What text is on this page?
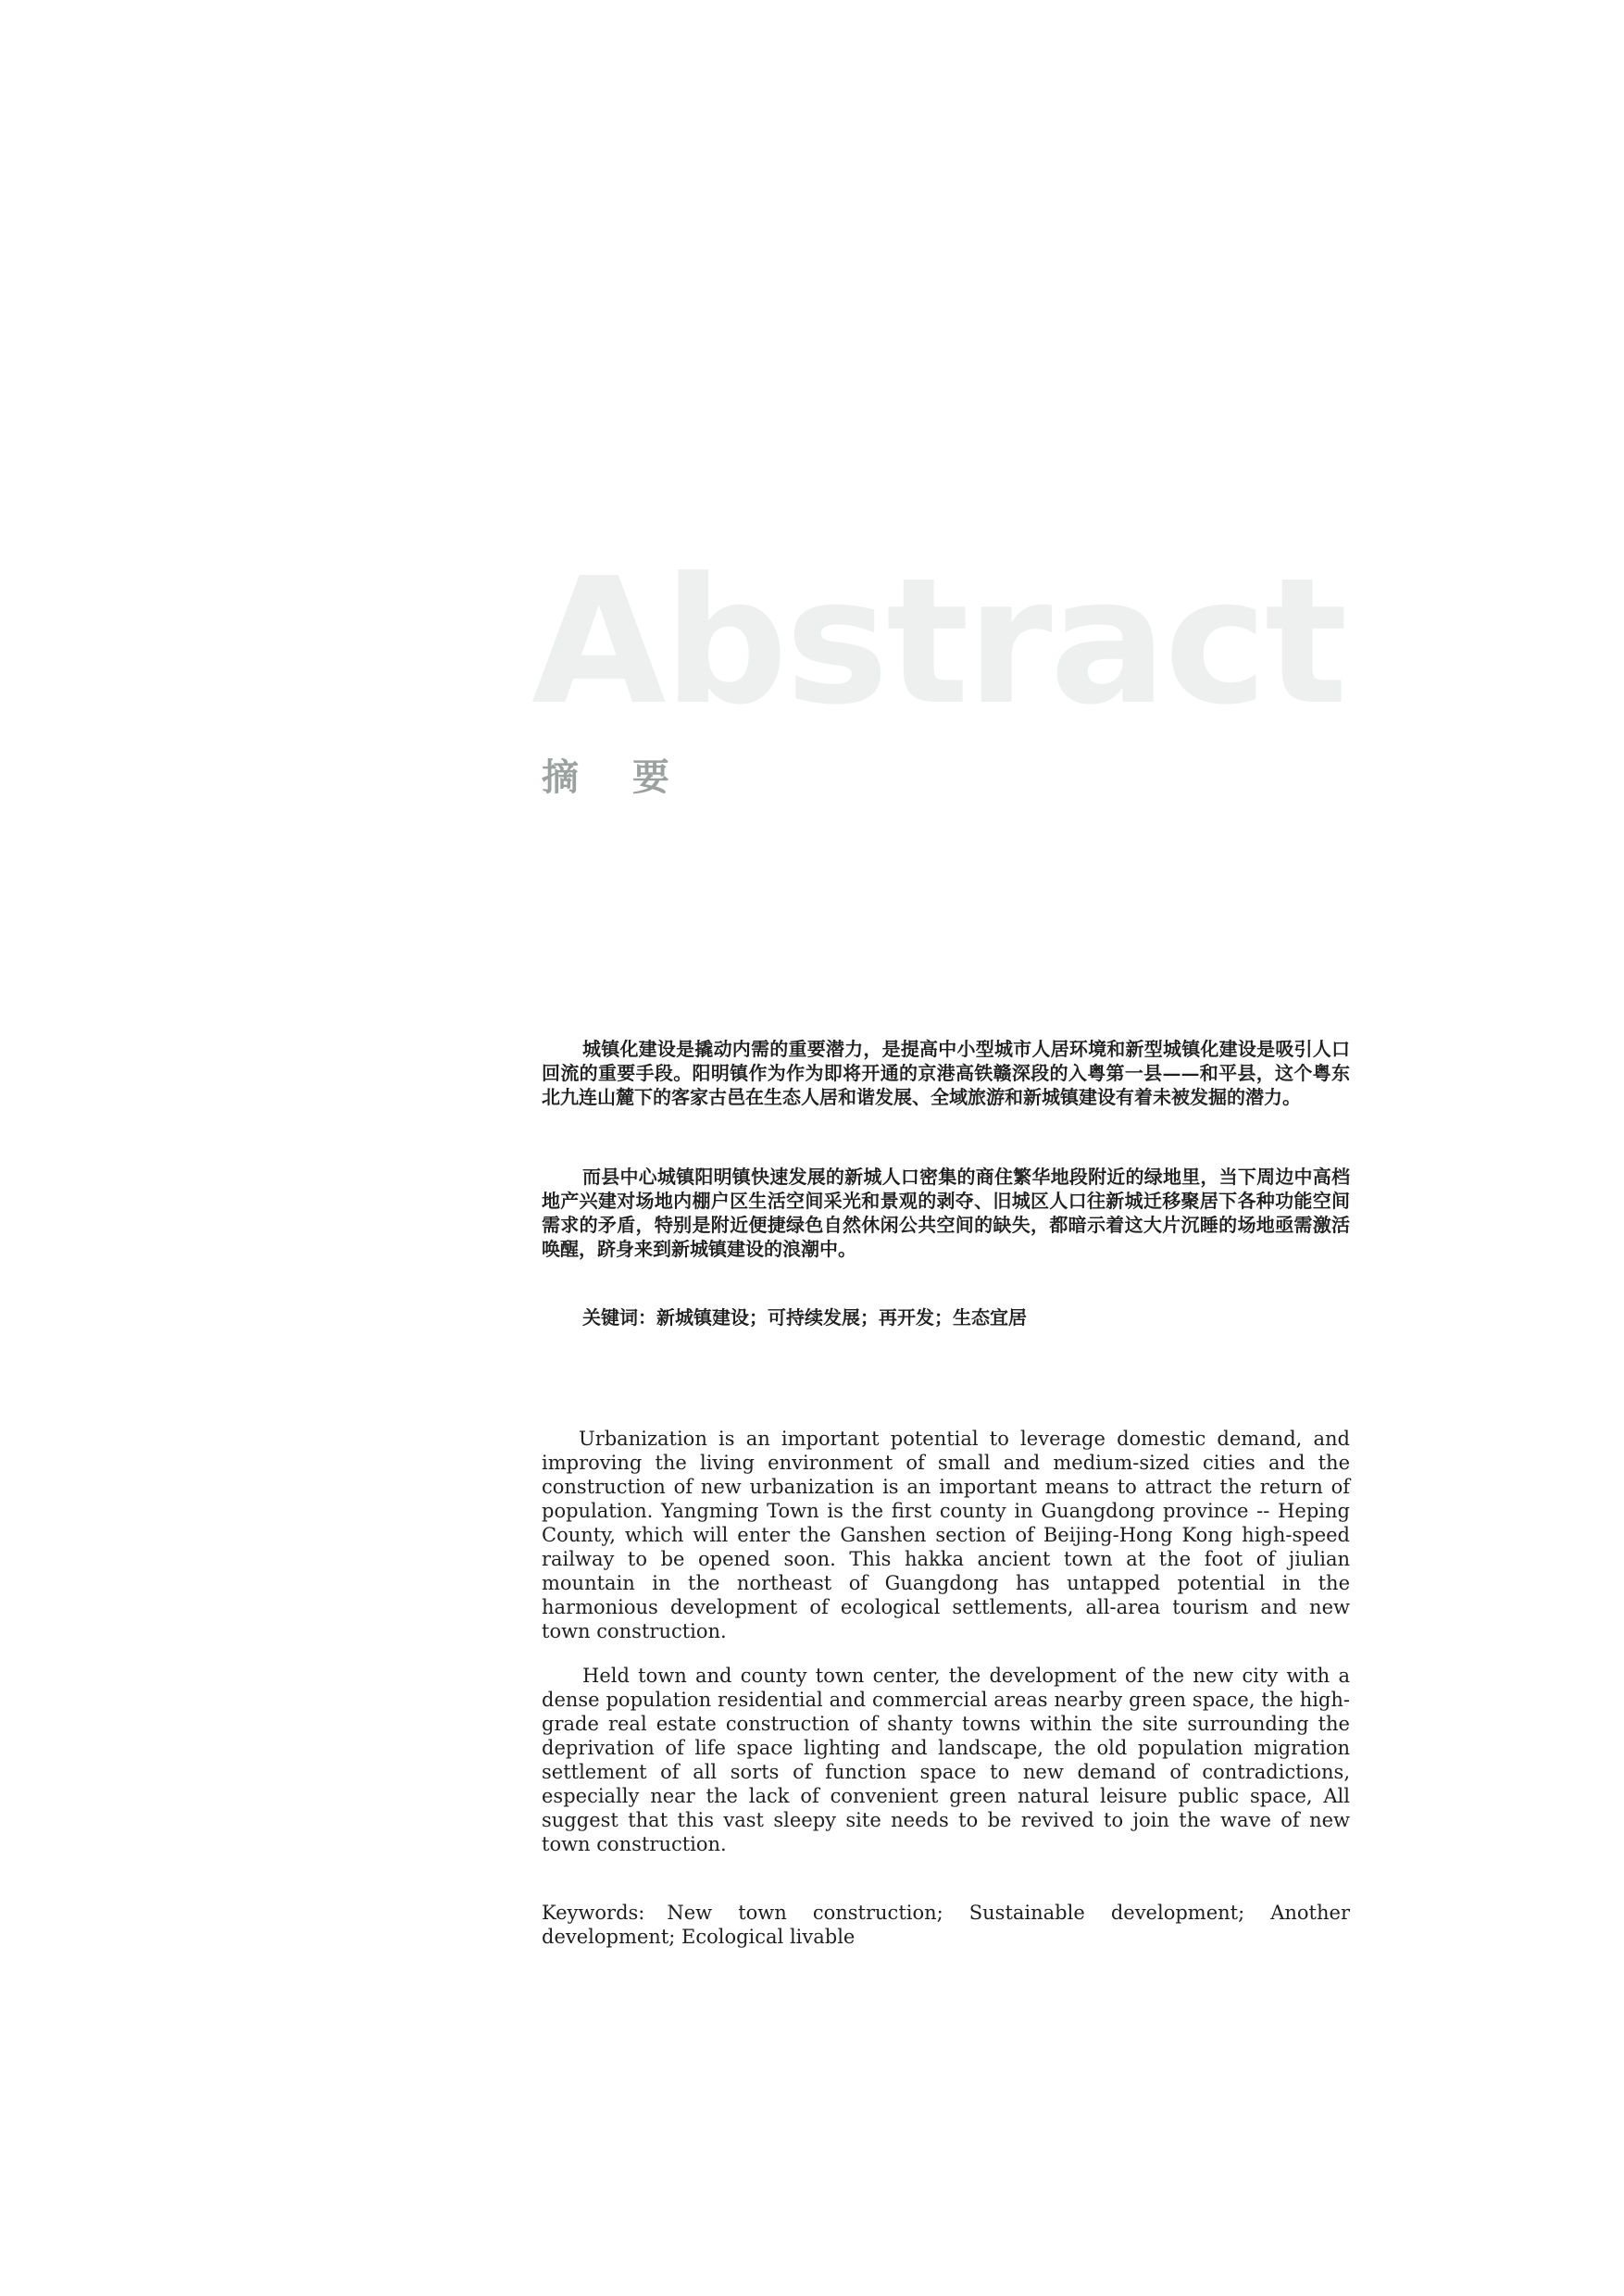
Abstract
摘 要

城镇化建设是撬动内需的重要潜力，是提高中小型城市人居环境和新型城镇化建设是吸引人口回流的重要手段。阳明镇作为作为即将开通的京港高铁赣深段的入粤第一县——和平县，这个粤东北九连山麓下的客家古邑在生态人居和谐发展、全域旅游和新城镇建设有着未被发掘的潜力。

而县中心城镇阳明镇快速发展的新城人口密集的商住繁华地段附近的绿地里，当下周边中高档地产兴建对场地内棚户区生活空间采光和景观的剥夺、旧城区人口往新城迁移聚居下各种功能空间需求的矛盾，特别是附近便捷绿色自然休闲公共空间的缺失，都暗示着这大片沉睡的场地亟需激活唤醒，跻身来到新城镇建设的浪潮中。

关键词：新城镇建设；可持续发展；再开发；生态宜居

Urbanization is an important potential to leverage domestic demand, and improving the living environment of small and medium-sized cities and the construction of new urbanization is an important means to attract the return of population. Yangming Town is the first county in Guangdong province -- Heping County, which will enter the Ganshen section of Beijing-Hong Kong high-speed railway to be opened soon. This hakka ancient town at the foot of jiulian mountain in the northeast of Guangdong has untapped potential in the harmonious development of ecological settlements, all-area tourism and new town construction.

Held town and county town center, the development of the new city with a dense population residential and commercial areas nearby green space, the high-grade real estate construction of shanty towns within the site surrounding the deprivation of life space lighting and landscape, the old population migration settlement of all sorts of function space to new demand of contradictions, especially near the lack of convenient green natural leisure public space, All suggest that this vast sleepy site needs to be revived to join the wave of new town construction.

Keywords: New town construction; Sustainable development; Another development; Ecological livable
